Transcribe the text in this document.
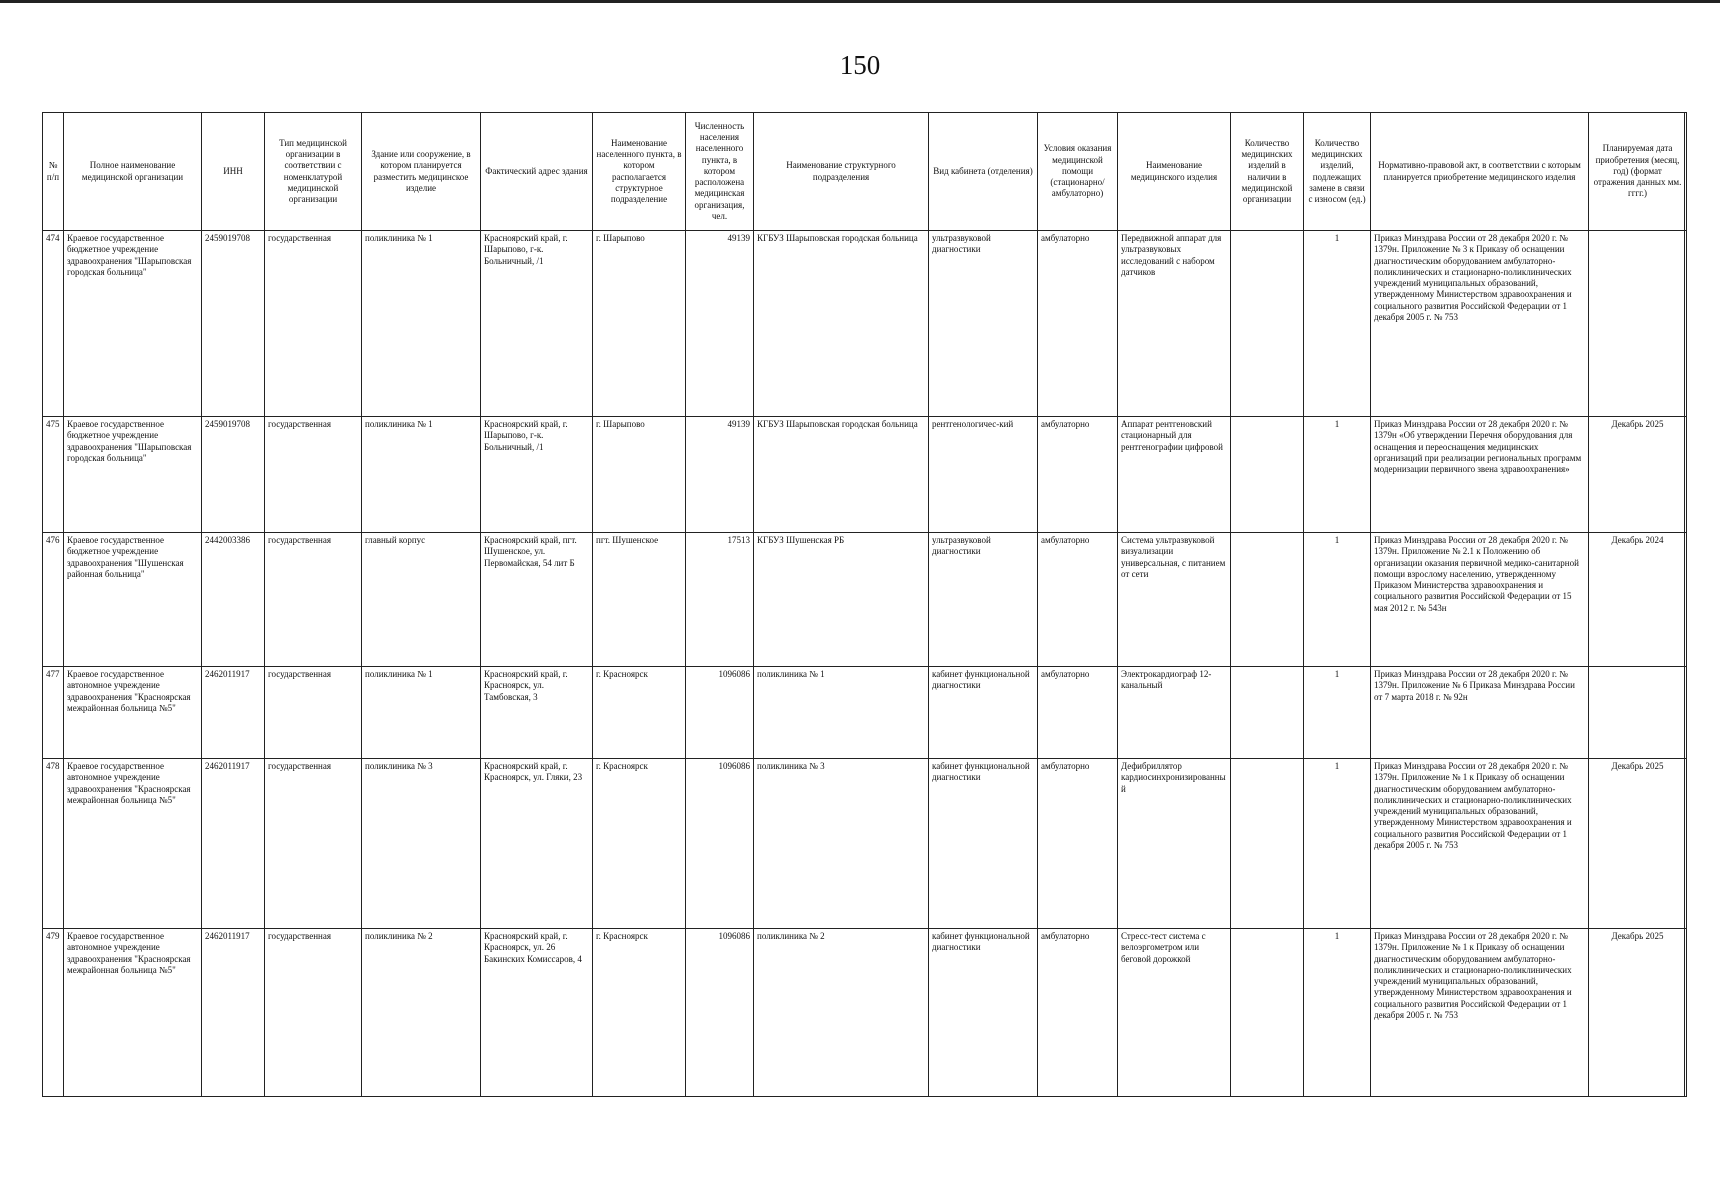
150
№ п/п	Полное наименование медицинской организации	ИНН	Тип медицинской организации в соответствии с номенклатурой медицинской организации	Здание или сооружение, в котором планируется разместить медицинское изделие	Фактический адрес здания	Наименование населенного пункта, в котором располагается структурное подразделение	Численность населения населенного пункта, в котором расположена медицинская организация, чел.	Наименование структурного подразделения	Вид кабинета (отделения)	Условия оказания медицинской помощи (стационарно/ амбулаторно)	Наименование медицинского изделия	Количество медицинских изделий в наличии в медицинской организации	Количество медицинских изделий, подлежащих замене в связи с износом (ед.)	Нормативно-правовой акт, в соответствии с которым планируется приобретение медицинского изделия	Планируемая дата приобретения (месяц, год) (формат отражения данных мм. гггг.)
474	Краевое государственное бюджетное учреждение здравоохранения "Шарыповская городская больница"	2459019708	государственная	поликлиника № 1	Красноярский край, г. Шарыпово, г-к. Больничный, /1	г. Шарыпово	49139	КГБУЗ Шарыповская городская больница	ультразвуковой диагностики	амбулаторно	Передвижной аппарат для ультразвуковых исследований с набором датчиков		1	Приказ Минздрава России от 28 декабря 2020 г. № 1379н. Приложение № 3 к Приказу об оснащении диагностическим оборудованием амбулаторно-поликлинических и стационарно-поликлинических учреждений муниципальных образований, утвержденному Министерством здравоохранения и социального развития Российской Федерации от 1 декабря 2005 г. № 753	
475	Краевое государственное бюджетное учреждение здравоохранения "Шарыповская городская больница"	2459019708	государственная	поликлиника № 1	Красноярский край, г. Шарыпово, г-к. Больничный, /1	г. Шарыпово	49139	КГБУЗ Шарыповская городская больница	рентгенологичес-кий	амбулаторно	Аппарат рентгеновский стационарный для рентгенографии цифровой		1	Приказ Минздрава России от 28 декабря 2020 г. № 1379н «Об утверждении Перечня оборудования для оснащения и переоснащения медицинских организаций при реализации региональных программ модернизации первичного звена здравоохранения»	Декабрь 2025
476	Краевое государственное бюджетное учреждение здравоохранения "Шушенская районная больница"	2442003386	государственная	главный корпус	Красноярский край, пгт. Шушенское, ул. Первомайская, 54 лит Б	пгт. Шушенское	17513	КГБУЗ Шушенская РБ	ультразвуковой диагностики	амбулаторно	Система ультразвуковой визуализации универсальная, с питанием от сети		1	Приказ Минздрава России от 28 декабря 2020 г. № 1379н. Приложение № 2.1 к Положению об организации оказания первичной медико-санитарной помощи взрослому населению, утвержденному Приказом Министерства здравоохранения и социального развития Российской Федерации от 15 мая 2012 г. № 543н	Декабрь 2024
477	Краевое государственное автономное учреждение здравоохранения "Красноярская межрайонная больница №5"	2462011917	государственная	поликлиника № 1	Красноярский край, г. Красноярск, ул. Тамбовская, 3	г. Красноярск	1096086	поликлиника № 1	кабинет функциональной диагностики	амбулаторно	Электрокардиограф 12-канальный		1	Приказ Минздрава России от 28 декабря 2020 г. № 1379н. Приложение № 6 Приказа Минздрава России от 7 марта 2018 г. № 92н	
478	Краевое государственное автономное учреждение здравоохранения "Красноярская межрайонная больница №5"	2462011917	государственная	поликлиника № 3	Красноярский край, г. Красноярск, ул. Гляки, 23	г. Красноярск	1096086	поликлиника № 3	кабинет функциональной диагностики	амбулаторно	Дефибриллятор кардиосинхронизированный		1	Приказ Минздрава России от 28 декабря 2020 г. № 1379н. Приложение № 1 к Приказу об оснащении диагностическим оборудованием амбулаторно-поликлинических и стационарно-поликлинических учреждений муниципальных образований, утвержденному Министерством здравоохранения и социального развития Российской Федерации от 1 декабря 2005 г. № 753	Декабрь 2025
479	Краевое государственное автономное учреждение здравоохранения "Красноярская межрайонная больница №5"	2462011917	государственная	поликлиника № 2	Красноярский край, г. Красноярск, ул. 26 Бакинских Комиссаров, 4	г. Красноярск	1096086	поликлиника № 2	кабинет функциональной диагностики	амбулаторно	Стресс-тест система с велоэргометром или беговой дорожкой		1	Приказ Минздрава России от 28 декабря 2020 г. № 1379н. Приложение № 1 к Приказу об оснащении диагностическим оборудованием амбулаторно-поликлинических и стационарно-поликлинических учреждений муниципальных образований, утвержденному Министерством здравоохранения и социального развития Российской Федерации от 1 декабря 2005 г. № 753	Декабрь 2025
